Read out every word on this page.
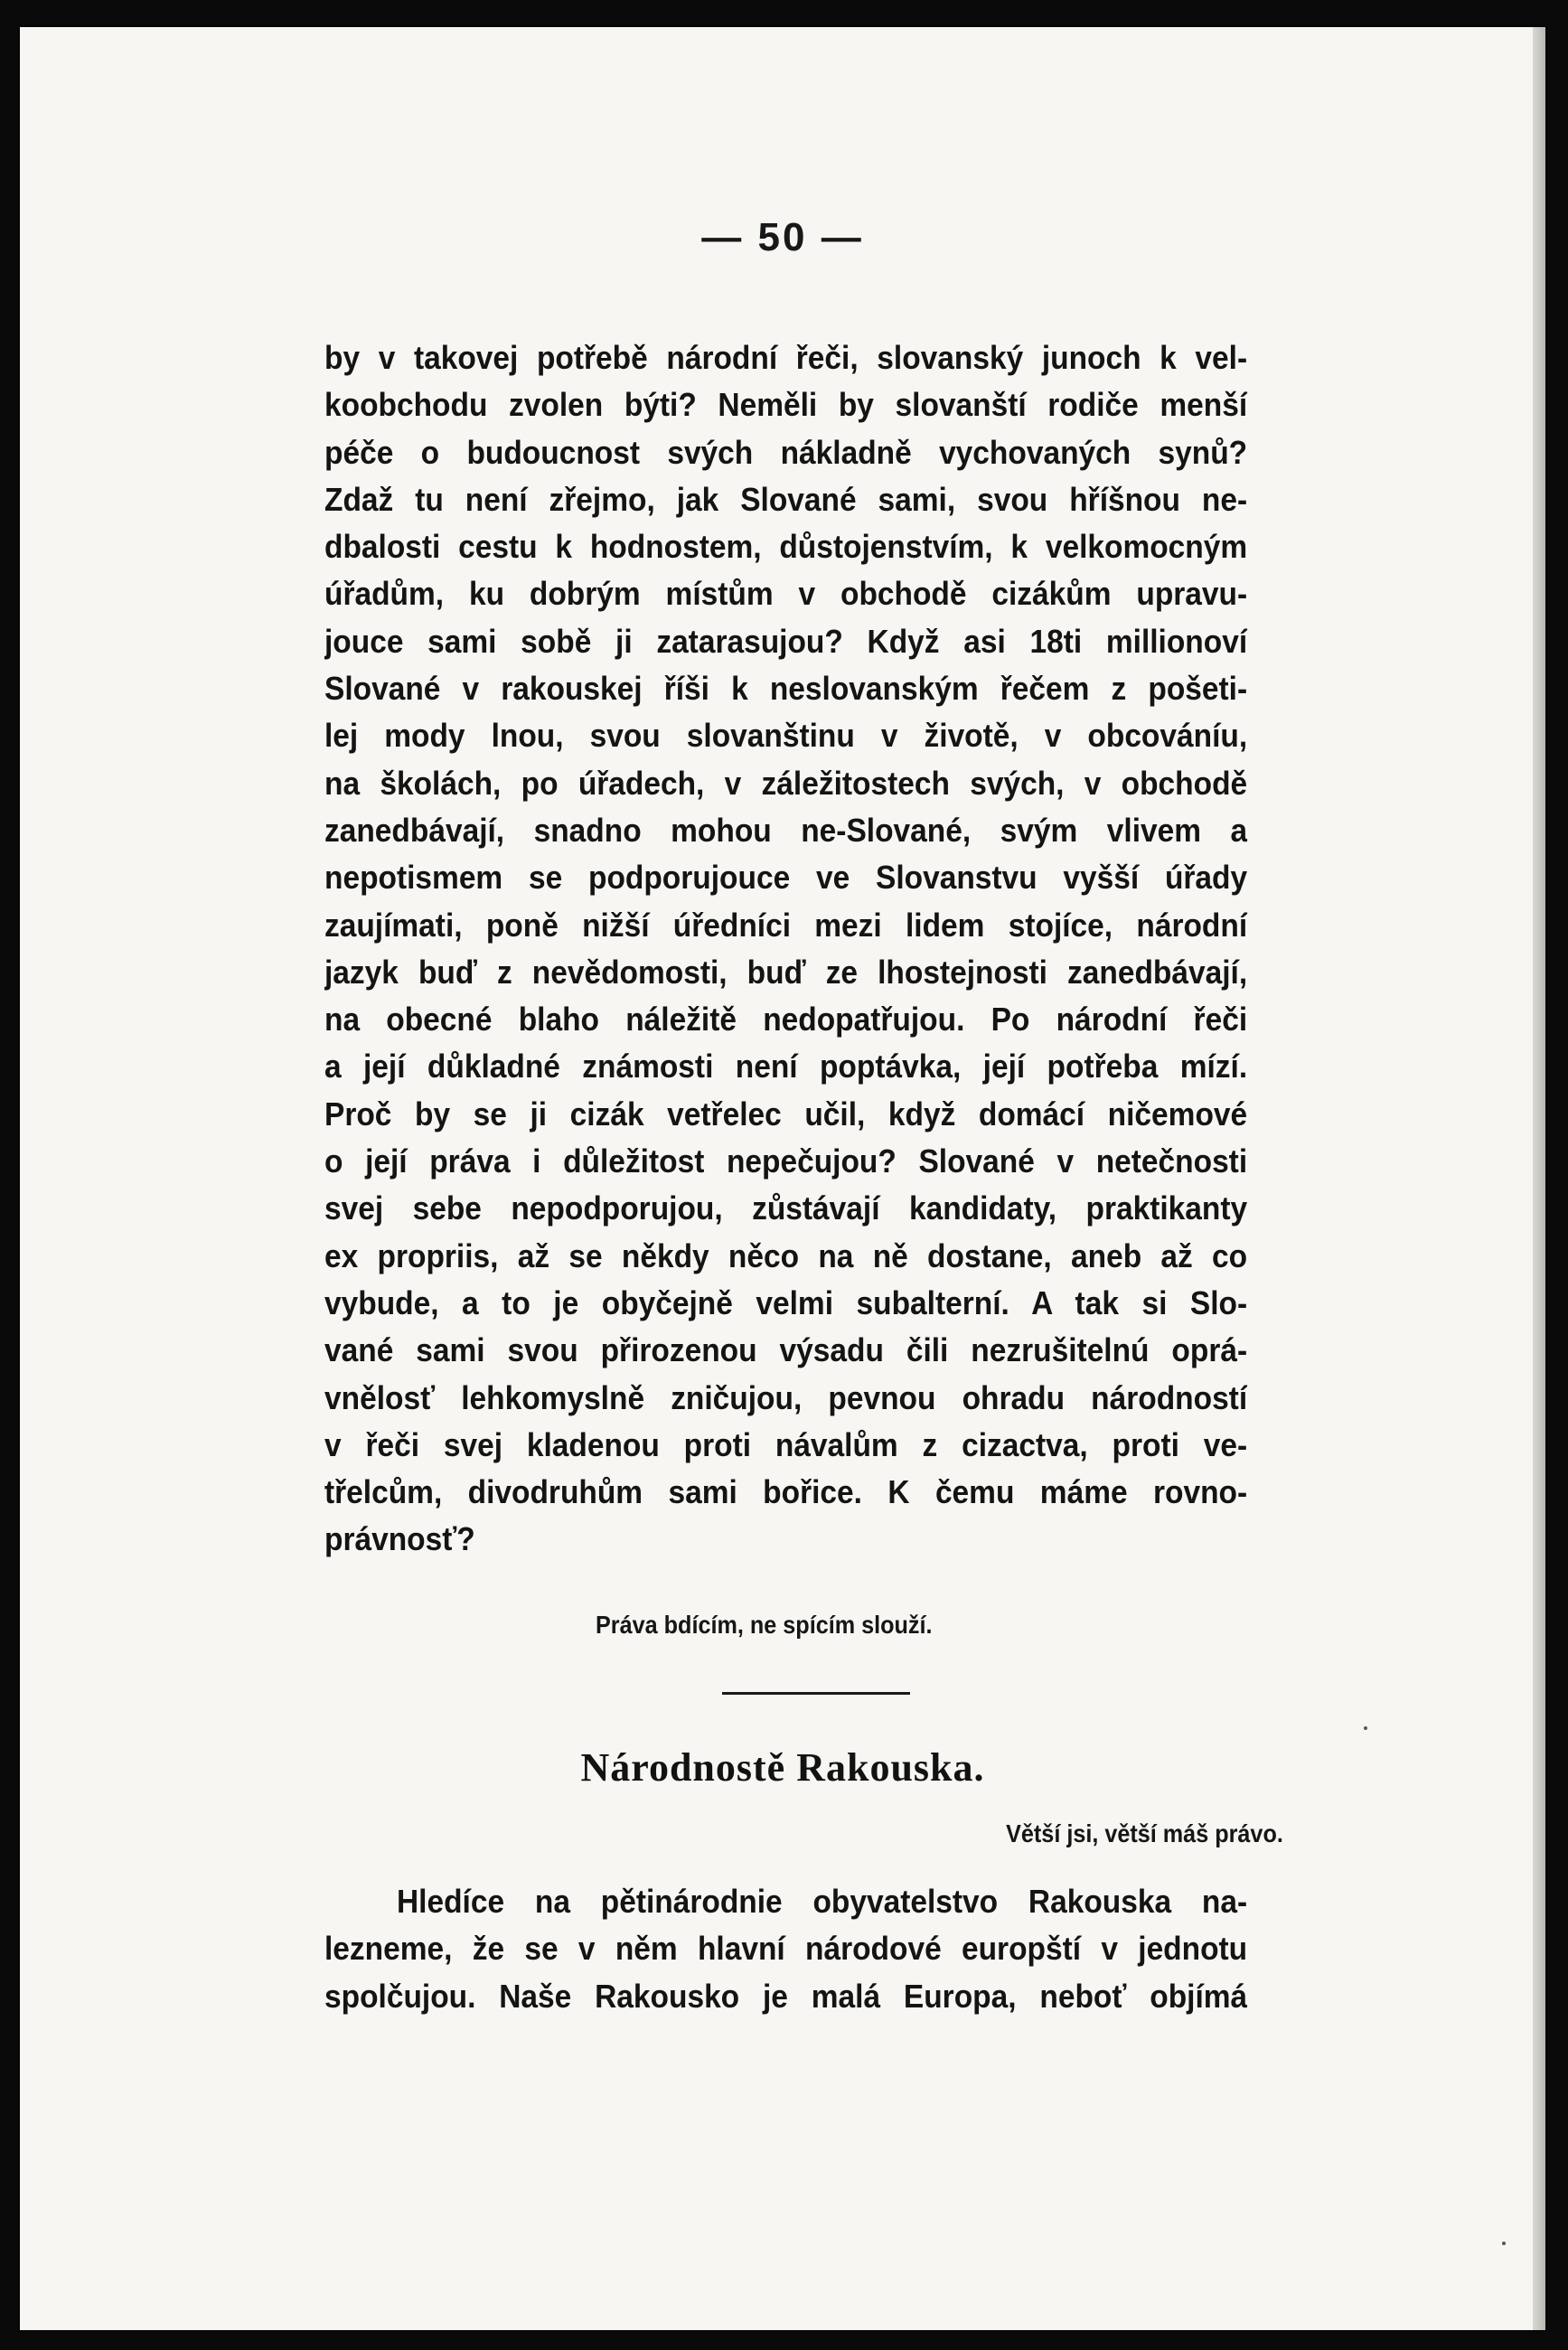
— 50 —
by v takovej potřebě národní řeči, slovanský junoch k vel-
koobchodu zvolen býti? Neměli by slovanští rodiče menší
péče o budoucnost svých nákladně vychovaných synů?
Zdaž tu není zřejmo, jak Slované sami, svou hříšnou ne-
dbalosti cestu k hodnostem, důstojenstvím, k velkomocným
úřadům, ku dobrým místům v obchodě cizákům upravu-
jouce sami sobě ji zatarasujou? Když asi 18ti millionoví
Slované v rakouskej říši k neslovanským řečem z pošeti-
lej mody lnou, svou slovanštinu v životě, v obcováníu,
na školách, po úřadech, v záležitostech svých, v obchodě
zanedbávají, snadno mohou ne-Slované, svým vlivem a
nepotismem se podporujouce ve Slovanstvu vyšší úřady
zaujímati, poně nižší úředníci mezi lidem stojíce, národní
jazyk buď z nevědomosti, buď ze lhostejnosti zanedbávají,
na obecné blaho náležitě nedopatřujou. Po národní řeči
a její důkladné známosti není poptávka, její potřeba mízí.
Proč by se ji cizák vetřelec učil, když domácí ničemové
o její práva i důležitost nepečujou? Slované v netečnosti
svej sebe nepodporujou, zůstávají kandidaty, praktikanty
ex propriis, až se někdy něco na ně dostane, aneb až co
vybude, a to je obyčejně velmi subalterní. A tak si Slo-
vané sami svou přirozenou výsadu čili nezrušitelnú oprá-
vnělosť lehkomyslně zničujou, pevnou ohradu národností
v řeči svej kladenou proti návalům z cizactva, proti ve-
třelcům, divodruhům sami bořice. K čemu máme rovno-
právnosť?
Práva bdícím, ne spícím slouží.
Národnostě Rakouska.
Větší jsi, větší máš právo.
Hledíce na pětinárodnie obyvatelstvo Rakouska na-
lezneme, že se v něm hlavní národové europští v jednotu
spolčujou. Naše Rakousko je malá Europa, neboť objímá
